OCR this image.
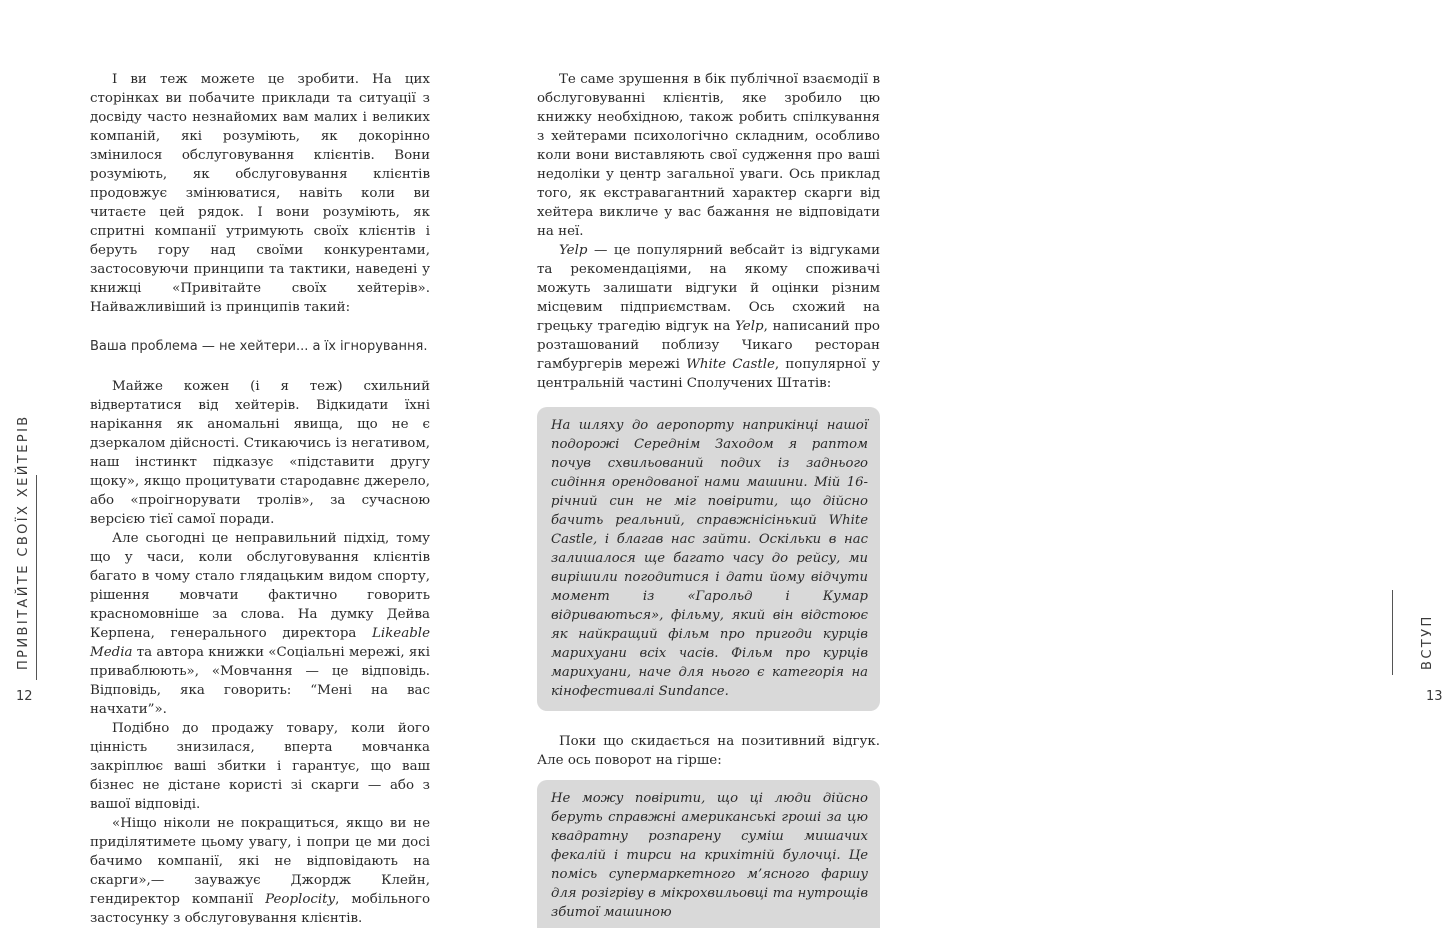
І ви теж можете це зробити. На цих сторінках ви побачите приклади та ситуації з досвіду часто незнайомих вам малих і великих компаній, які розуміють, як докорінно змінилося обслуговування клієнтів. Вони розуміють, як обслуговування клієнтів продовжує змінюватися, навіть коли ви читаєте цей рядок. І вони розуміють, як спритні компанії утримують своїх клієнтів і беруть гору над своїми конкурентами, застосовуючи принципи та тактики, наведені у книжці «Привітайте своїх хейтерів». Найважливіший із принципів такий:

Ваша проблема — не хейтери... а їх ігнорування.

Майже кожен (і я теж) схильний відвертатися від хейтерів. Відкидати їхні нарікання як аномальні явища, що не є дзеркалом дійсності. Стикаючись із негативом, наш інстинкт підказує «підставити другу щоку», якщо процитувати стародавнє джерело, або «проігнорувати тролів», за сучасною версією тієї самої поради.

Але сьогодні це неправильний підхід, тому що у часи, коли обслуговування клієнтів багато в чому стало глядацьким видом спорту, рішення мовчати фактично говорить красномовніше за слова. На думку Дейва Керпена, генерального директора Likeable Media та автора книжки «Соціальні мережі, які приваблюють», «Мовчання — це відповідь. Відповідь, яка говорить: “Мені на вас начхати”».

Подібно до продажу товару, коли його цінність знизилася, вперта мовчанка закріплює ваші збитки і гарантує, що ваш бізнес не дістане користі зі скарги — або з вашої відповіді.

«Ніщо ніколи не покращиться, якщо ви не приділятимете цьому увагу, і попри це ми досі бачимо компанії, які не відповідають на скарги»,— зауважує Джордж Клейн, гендиректор компанії Peoplocity, мобільного застосунку з обслуговування клієнтів.

ПРИВІТАЙТЕ СВОЇХ ХЕЙТЕРІВ
12

Те саме зрушення в бік публічної взаємодії в обслуговуванні клієнтів, яке зробило цю книжку необхідною, також робить спілкування з хейтерами психологічно складним, особливо коли вони виставляють свої судження про ваші недоліки у центр загальної уваги. Ось приклад того, як екстравагантний характер скарги від хейтера викличе у вас бажання не відповідати на неї.

Yelp — це популярний вебсайт із відгуками та рекомендаціями, на якому споживачі можуть залишати відгуки й оцінки різним місцевим підприємствам. Ось схожий на грецьку трагедію відгук на Yelp, написаний про розташований поблизу Чикаго ресторан гамбургерів мережі White Castle, популярної у центральній частині Сполучених Штатів:

На шляху до аеропорту наприкінці нашої подорожі Середнім Заходом я раптом почув схвильований подих із заднього сидіння орендованої нами машини. Мій 16-річний син не міг повірити, що дійсно бачить реальний, справжнісінький White Castle, і благав нас зайти. Оскільки в нас залишалося ще багато часу до рейсу, ми вирішили погодитися і дати йому відчути момент із «Гарольд і Кумар відриваються», фільму, який він відстоює як найкращий фільм про пригоди курців марихуани всіх часів. Фільм про курців марихуани, наче для нього є категорія на кінофестивалі Sundance.

Поки що скидається на позитивний відгук. Але ось поворот на гірше:

Не можу повірити, що ці люди дійсно беруть справжні американські гроші за цю квадратну розпарену суміш мишачих фекалій і тирси на крихітній булочці. Це помісь супермаркетного м’ясного фаршу для розігріву в мікрохвильовці та нутрощів збитої машиною
ВСТУП
13
